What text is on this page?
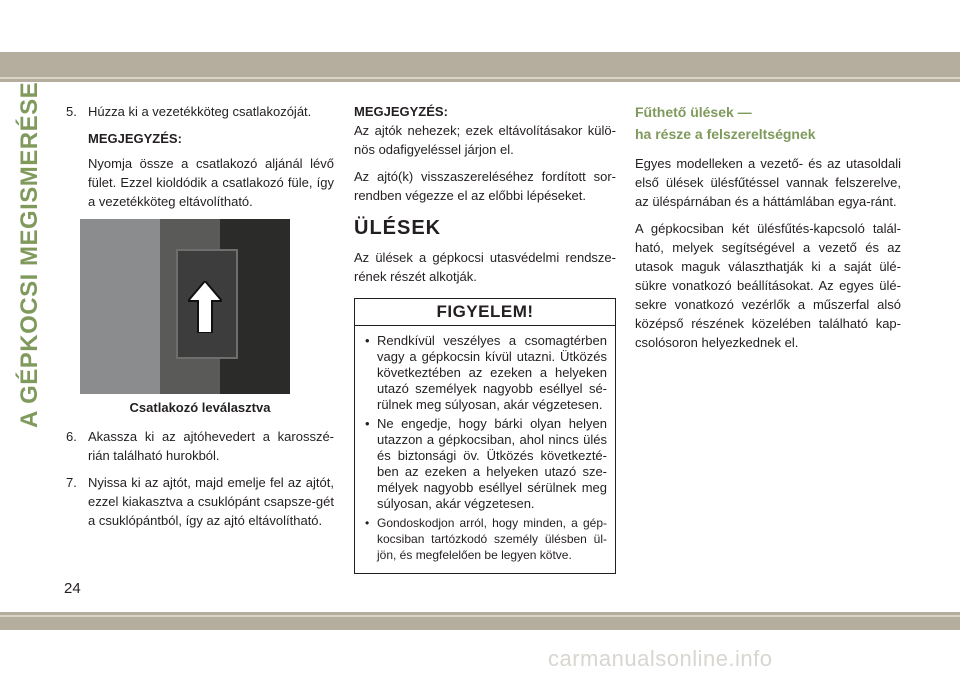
A GÉPKOCSI MEGISMERÉSE	5. Húzza ki a vezetékköteg csatlakozóját.
MEGJEGYZÉS:
Nyomja össze a csatlakozó aljánál lévő fület. Ezzel kioldódik a csatlakozó füle, így a vezetékköteg eltávolítható.
Csatlakozó leválasztva
6. Akassza ki az ajtóhevedert a karosszé-rián található hurokból.
7. Nyissa ki az ajtót, majd emelje fel az ajtót, ezzel kiakasztva a csuklópánt csapsze-gét a csuklópántból, így az ajtó eltávolítható.
MEGJEGYZÉS:
Az ajtók nehezek; ezek eltávolításakor külö-nös odafigyeléssel járjon el.
Az ajtó(k) visszaszereléséhez fordított sor-rendben végezze el az előbbi lépéseket.
ÜLÉSEK
Az ülések a gépkocsi utasvédelmi rendsze-rének részét alkotják.
FIGYELEM!
• Rendkívül veszélyes a csomagtérben vagy a gépkocsin kívül utazni. Ütközés következtében az ezeken a helyeken utazó személyek nagyobb eséllyel sé-rülnek meg súlyosan, akár végzetesen.
• Ne engedje, hogy bárki olyan helyen utazzon a gépkocsiban, ahol nincs ülés és biztonsági öv. Ütközés következté-ben az ezeken a helyeken utazó sze-mélyek nagyobb eséllyel sérülnek meg súlyosan, akár végzetesen.
• Gondoskodjon arról, hogy minden, a gép-kocsiban tartózkodó személy ülésben ül-jön, és megfelelően be legyen kötve.
Fűthető ülések —
ha része a felszereltségnek
Egyes modelleken a vezető- és az utasoldali első ülések ülésfűtéssel vannak felszerelve, az üléspárnában és a háttámlában egya-ránt.
A gépkocsiban két ülésfűtés-kapcsoló talál-ható, melyek segítségével a vezető és az utasok maguk választhatják ki a saját ülé-sükre vonatkozó beállításokat. Az egyes ülé-sekre vonatkozó vezérlők a műszerfal alsó középső részének közelében található kap-csolósoron helyezkednek el.
24
carmanualsonline.info
